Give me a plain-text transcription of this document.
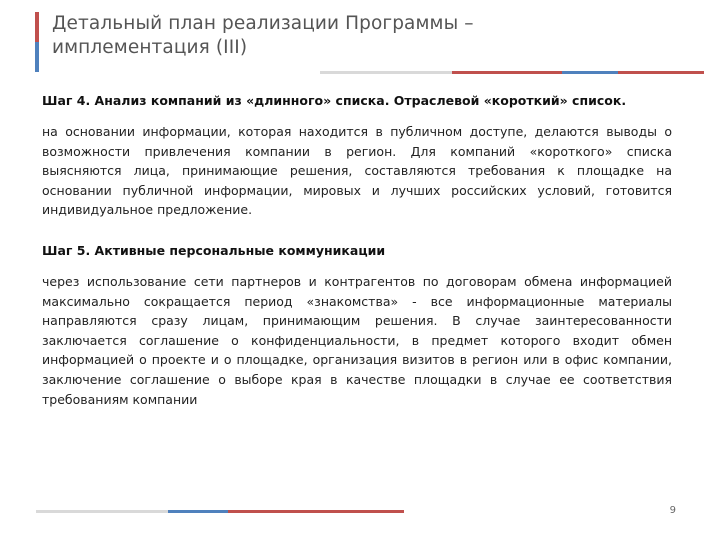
Детальный план реализации Программы – имплементация (III)

Шаг 4. Анализ компаний из «длинного» списка. Отраслевой «короткий» список.

на основании информации, которая находится в публичном доступе, делаются выводы о возможности привлечения компании в регион. Для компаний «короткого» списка выясняются лица, принимающие решения, составляются требования к площадке на основании публичной информации, мировых и лучших российских условий, готовится индивидуальное предложение.

Шаг 5. Активные персональные коммуникации

через использование сети партнеров и контрагентов по договорам обмена информацией максимально сокращается период «знакомства» - все информационные материалы направляются сразу лицам, принимающим решения. В случае заинтересованности заключается соглашение о конфиденциальности, в предмет которого входит обмен информацией о проекте и о площадке, организация визитов в регион или в офис компании, заключение соглашение о выборе края в качестве площадки в случае ее соответствия требованиям компании

9
